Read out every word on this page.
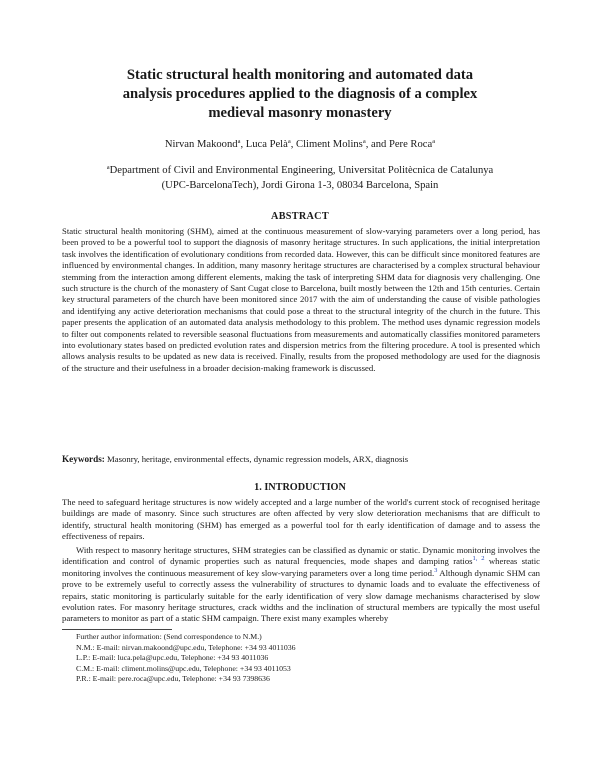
Static structural health monitoring and automated data
analysis procedures applied to the diagnosis of a complex
medieval masonry monastery
Nirvan Makoond$^a$, Luca Pelà$^a$, Climent Molins$^a$, and Pere Roca$^a$
$^a$Department of Civil and Environmental Engineering, Universitat Politècnica de Catalunya
(UPC-BarcelonaTech), Jordi Girona 1-3, 08034 Barcelona, Spain
ABSTRACT

Static structural health monitoring (SHM), aimed at the continuous measurement of slow-varying parameters over a long period, has been proved to be a powerful tool to support the diagnosis of masonry heritage structures. In such applications, the initial interpretation task involves the identification of evolutionary conditions from recorded data. However, this can be difficult since monitored features are influenced by environmental changes. In addition, many masonry heritage structures are characterised by a complex structural behaviour stemming from the interaction among different elements, making the task of interpreting SHM data for diagnosis very challenging. One such structure is the church of the monastery of Sant Cugat close to Barcelona, built mostly between the 12th and 15th centuries. Certain key structural parameters of the church have been monitored since 2017 with the aim of understanding the cause of visible pathologies and identifying any active deterioration mechanisms that could pose a threat to the structural integrity of the church in the future. This paper presents the application of an automated data analysis methodology to this problem. The method uses dynamic regression models to filter out components related to reversible seasonal fluctuations from measurements and automatically classifies monitored parameters into evolutionary states based on predicted evolution rates and dispersion metrics from the filtering procedure. A tool is presented which allows analysis results to be updated as new data is received. Finally, results from the proposed methodology are used for the diagnosis of the structure and their usefulness in a broader decision-making framework is discussed.

Keywords: Masonry, heritage, environmental effects, dynamic regression models, ARX, diagnosis

1. INTRODUCTION

The need to safeguard heritage structures is now widely accepted and a large number of the world's current stock of recognised heritage buildings are made of masonry. Since such structures are often affected by very slow deterioration mechanisms that are difficult to identify, structural health monitoring (SHM) has emerged as a powerful tool for th early identification of damage and to assess the effectiveness of repairs.

With respect to masonry heritage structures, SHM strategies can be classified as dynamic or static. Dynamic monitoring involves the identification and control of dynamic properties such as natural frequencies, mode shapes and damping ratios$^{1, 2}$ whereas static monitoring involves the continuous measurement of key slow-varying parameters over a long time period.$^3$ Although dynamic SHM can prove to be extremely useful to correctly assess the vulnerability of structures to dynamic loads and to evaluate the effectiveness of repairs, static monitoring is particularly suitable for the early identification of very slow damage mechanisms characterised by slow evolution rates. For masonry heritage structures, crack widths and the inclination of structural members are typically the most useful parameters to monitor as part of a static SHM campaign. There exist many examples whereby

Further author information: (Send correspondence to N.M.)
N.M.: E-mail: nirvan.makoond@upc.edu, Telephone: +34 93 4011036
L.P.: E-mail: luca.pela@upc.edu, Telephone: +34 93 4011036
C.M.: E-mail: climent.molins@upc.edu, Telephone: +34 93 4011053
P.R.: E-mail: pere.roca@upc.edu, Telephone: +34 93 7398636
